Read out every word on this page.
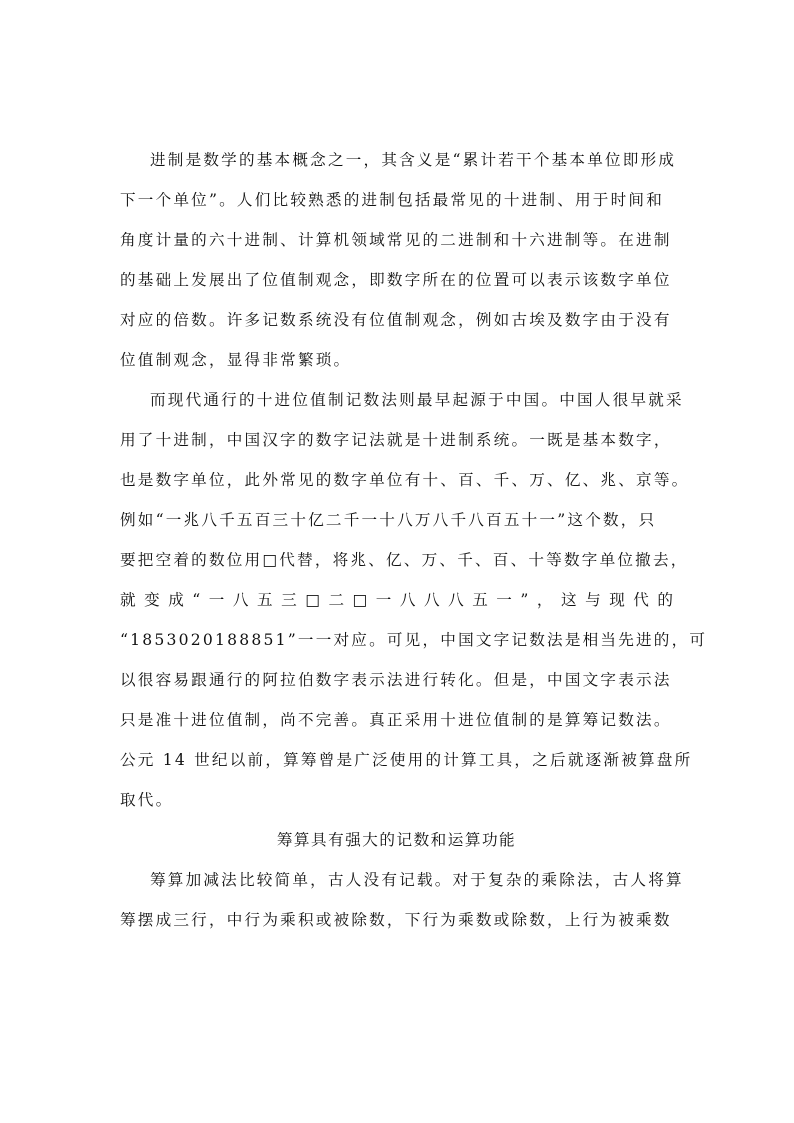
进制是数学的基本概念之一，其含义是“累计若干个基本单位即形成
下一个单位”。人们比较熟悉的进制包括最常见的十进制、用于时间和
角度计量的六十进制、计算机领域常见的二进制和十六进制等。在进制
的基础上发展出了位值制观念，即数字所在的位置可以表示该数字单位
对应的倍数。许多记数系统没有位值制观念，例如古埃及数字由于没有
位值制观念，显得非常繁琐。
而现代通行的十进位值制记数法则最早起源于中国。中国人很早就采
用了十进制，中国汉字的数字记法就是十进制系统。一既是基本数字，
也是数字单位，此外常见的数字单位有十、百、千、万、亿、兆、京等。
例如“一兆八千五百三十亿二千一十八万八千八百五十一”这个数，只
要把空着的数位用□代替，将兆、亿、万、千、百、十等数字单位撤去，
就变成“一八五三□二□一八八八五一”，这与现代的
“1853020188851”一一对应。可见，中国文字记数法是相当先进的，可
以很容易跟通行的阿拉伯数字表示法进行转化。但是，中国文字表示法
只是准十进位值制，尚不完善。真正采用十进位值制的是算筹记数法。
公元 14 世纪以前，算筹曾是广泛使用的计算工具，之后就逐渐被算盘所
取代。
筹算具有强大的记数和运算功能
筹算加减法比较简单，古人没有记载。对于复杂的乘除法，古人将算
筹摆成三行，中行为乘积或被除数，下行为乘数或除数，上行为被乘数
